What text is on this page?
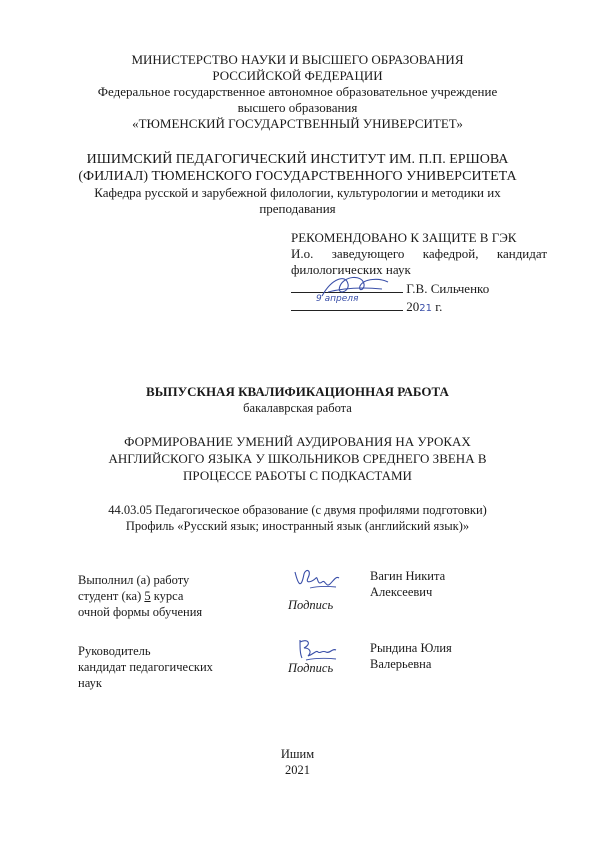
МИНИСТЕРСТВО НАУКИ И ВЫСШЕГО ОБРАЗОВАНИЯ
РОССИЙСКОЙ ФЕДЕРАЦИИ
Федеральное государственное автономное образовательное учреждение
высшего образования
«ТЮМЕНСКИЙ ГОСУДАРСТВЕННЫЙ УНИВЕРСИТЕТ»
ИШИМСКИЙ ПЕДАГОГИЧЕСКИЙ ИНСТИТУТ ИМ. П.П. ЕРШОВА
(ФИЛИАЛ) ТЮМЕНСКОГО ГОСУДАРСТВЕННОГО УНИВЕРСИТЕТА
Кафедра русской и зарубежной филологии, культурологии и методики их
преподавания
РЕКОМЕНДОВАНО К ЗАЩИТЕ В ГЭК
И.о. заведующего кафедрой, кандидат
филологических наук
Г.В. Сильченко
2021 г.
9 апреля
ВЫПУСКНАЯ КВАЛИФИКАЦИОННАЯ РАБОТА
бакалаврская работа
ФОРМИРОВАНИЕ УМЕНИЙ АУДИРОВАНИЯ НА УРОКАХ
АНГЛИЙСКОГО ЯЗЫКА У ШКОЛЬНИКОВ СРЕДНЕГО ЗВЕНА В
ПРОЦЕССЕ РАБОТЫ С ПОДКАСТАМИ
44.03.05 Педагогическое образование (с двумя профилями подготовки)
Профиль «Русский язык; иностранный язык (английский язык)»
Выполнил (а) работу
студент (ка) 5 курса
очной формы обучения	Подпись
Вагин Никита
Алексеевич
Руководитель
кандидат педагогических
наук
Подпись
Рындина Юлия
Валерьевна
Ишим
2021
